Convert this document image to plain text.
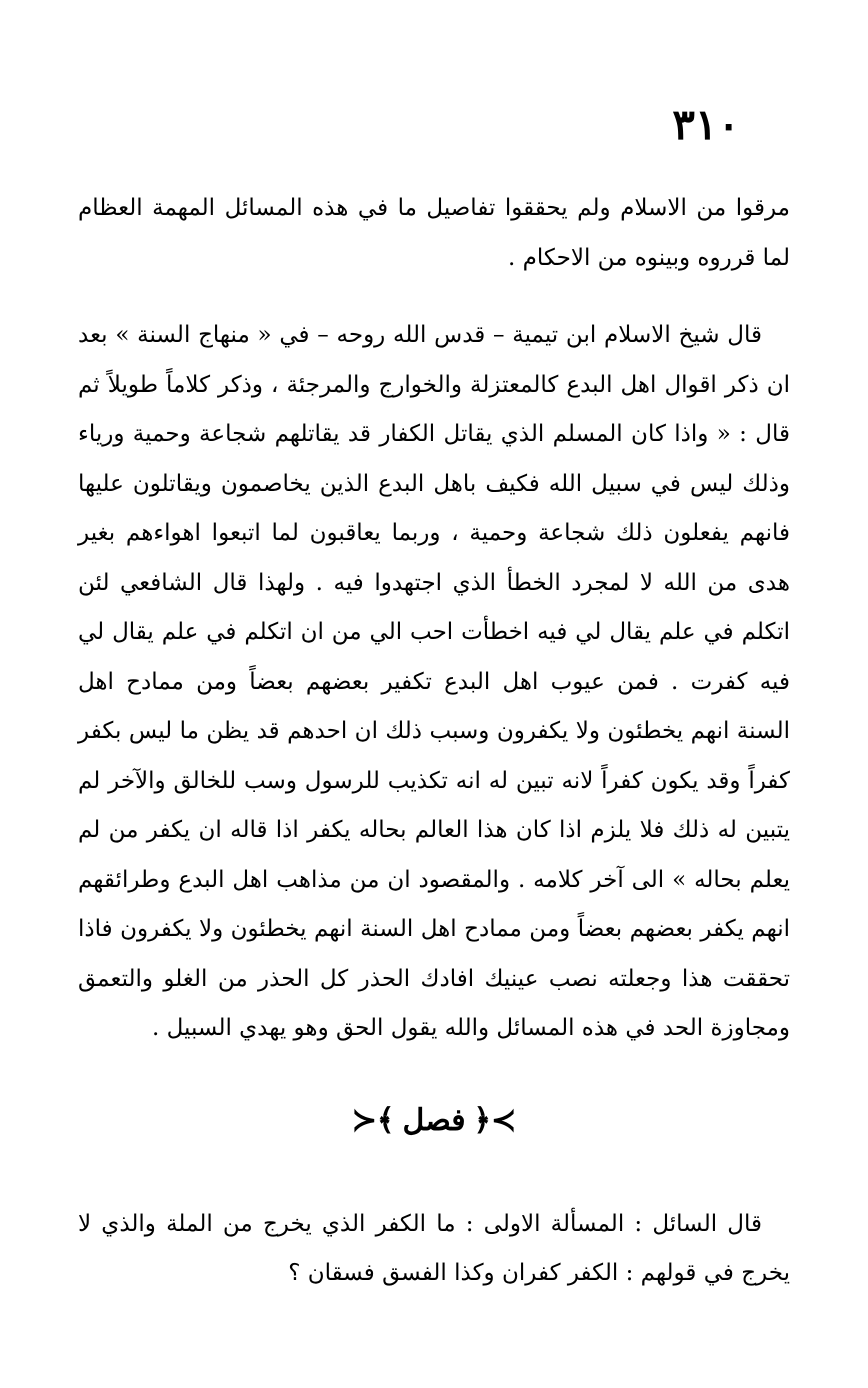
٣١٠

مرقوا من الاسلام ولم يحققوا تفاصيل ما في هذه المسائل المهمة العظام لما قرروه وبينوه من الاحكام .

قال شيخ الاسلام ابن تيمية – قدس الله روحه – في « منهاج السنة » بعد ان ذكر اقوال اهل البدع كالمعتزلة والخوارج والمرجئة ، وذكر كلاماً طويلاً ثم قال : « واذا كان المسلم الذي يقاتل الكفار قد يقاتلهم شجاعة وحمية ورياء وذلك ليس في سبيل الله فكيف باهل البدع الذين يخاصمون ويقاتلون عليها فانهم يفعلون ذلك شجاعة وحمية ، وربما يعاقبون لما اتبعوا اهواءهم بغير هدى من الله لا لمجرد الخطأ الذي اجتهدوا فيه . ولهذا قال الشافعي لئن اتكلم في علم يقال لي فيه اخطأت احب الي من ان اتكلم في علم يقال لي فيه كفرت . فمن عيوب اهل البدع تكفير بعضهم بعضاً ومن ممادح اهل السنة انهم يخطئون ولا يكفرون وسبب ذلك ان احدهم قد يظن ما ليس بكفر كفراً وقد يكون كفراً لانه تبين له انه تكذيب للرسول وسب للخالق والآخر لم يتبين له ذلك فلا يلزم اذا كان هذا العالم بحاله يكفر اذا قاله ان يكفر من لم يعلم بحاله » الى آخر كلامه . والمقصود ان من مذاهب اهل البدع وطرائقهم انهم يكفر بعضهم بعضاً ومن ممادح اهل السنة انهم يخطئون ولا يكفرون فاذا تحققت هذا وجعلته نصب عينيك افادك الحذر كل الحذر من الغلو والتعمق ومجاوزة الحد في هذه المسائل والله يقول الحق وهو يهدي السبيل .

≻﴿
فصل
﴾≺

قال السائل : المسألة الاولى : ما الكفر الذي يخرج من الملة والذي لا يخرج في قولهم : الكفر كفران وكذا الفسق فسقان ؟
